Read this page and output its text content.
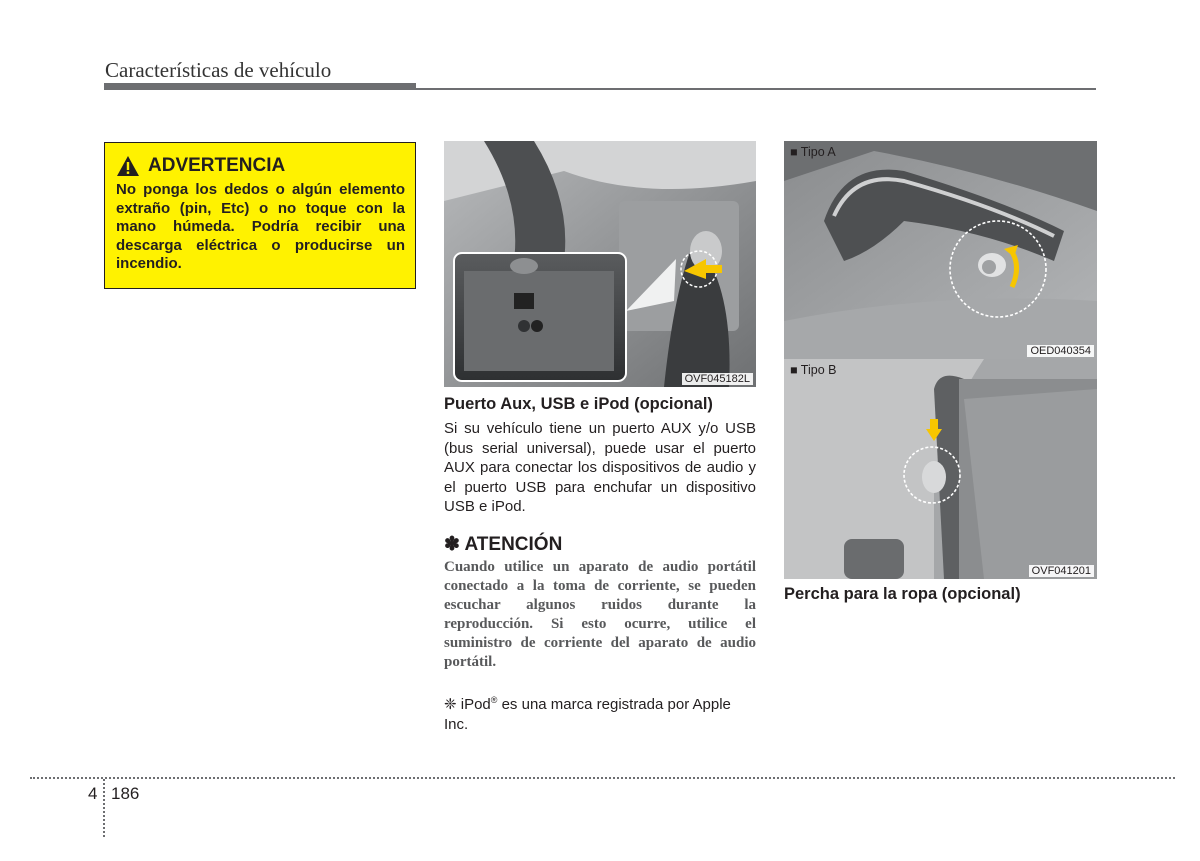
Características de vehículo
ADVERTENCIA
No ponga los dedos o algún elemento extraño (pin, Etc) o no toque con la mano húmeda. Podría recibir una descarga eléctrica o producirse un incendio.
OVF045182L
Puerto Aux, USB e iPod (opcional)
Si su vehículo tiene un puerto AUX y/o USB (bus serial universal), puede usar el puerto AUX para conectar los dispositivos de audio y el puerto USB para enchufar un dispositivo USB e iPod.
✽ ATENCIÓN
Cuando utilice un aparato de audio portátil conectado a la toma de corriente, se pueden escuchar algunos ruidos durante la reproducción. Si esto ocurre, utilice el suministro de corriente del aparato de audio portátil.
❈ iPod® es una marca registrada por Apple Inc.
■ Tipo A
OED040354
■ Tipo B
OVF041201
Percha para la ropa (opcional)
4 186
